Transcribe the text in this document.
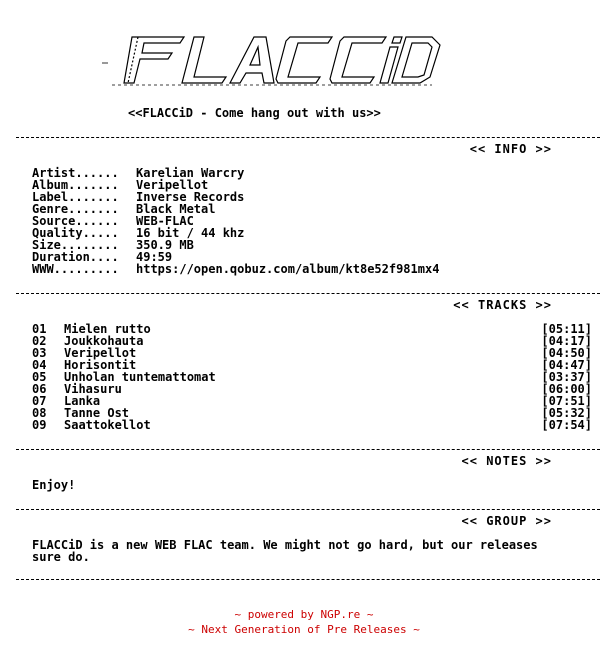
<<FLACCiD - Come hang out with us>>
<< INFO >>
Artist......	Karelian Warcry
Album.......	Veripellot
Label.......	Inverse Records
Genre.......	Black Metal
Source......	WEB-FLAC
Quality.....	16 bit / 44 khz
Size........	350.9 MB
Duration....	49:59
WWW.........	https://open.qobuz.com/album/kt8e52f981mx4
<< TRACKS >>
01	Mielen rutto	[05:11]
02	Joukkohauta	[04:17]
03	Veripellot	[04:50]
04	Horisontit	[04:47]
05	Unholan tuntemattomat	[03:37]
06	Vihasuru	[06:00]
07	Lanka	[07:51]
08	Tanne Ost	[05:32]
09	Saattokellot	[07:54]
<< NOTES >>
Enjoy!
<< GROUP >>
FLACCiD is a new WEB FLAC team. We might not go hard, but our releases
sure do.
~ powered by NGP.re ~
~ Next Generation of Pre Releases ~
